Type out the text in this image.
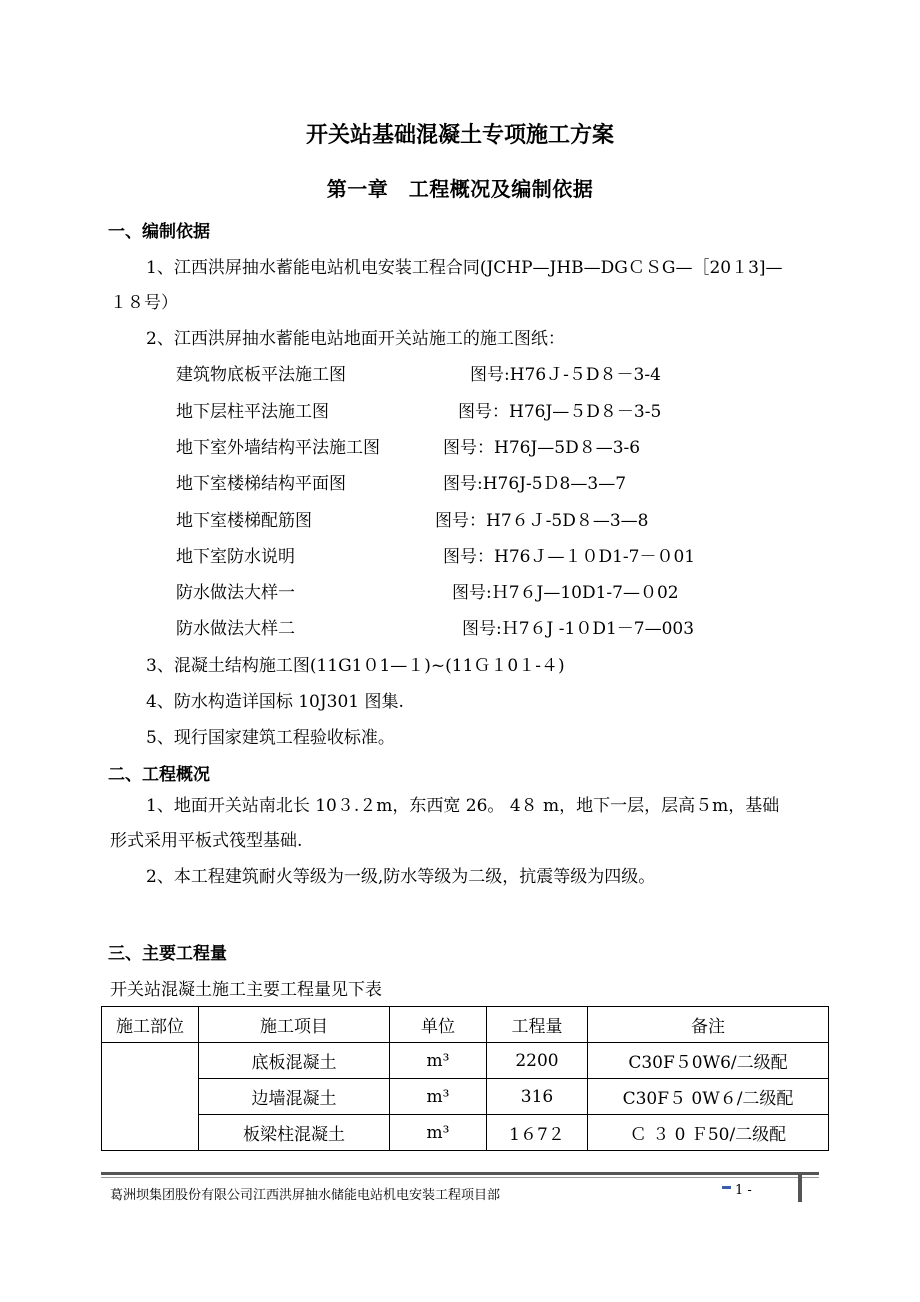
开关站基础混凝土专项施工方案
第一章　工程概况及编制依据
一、编制依据
1、江西洪屏抽水蓄能电站机电安装工程合同(JCHP—JHB—DGＣＳG—［20１3]—
１８号）
2、江西洪屏抽水蓄能电站地面开关站施工的施工图纸：
建筑物底板平法施工图	图号:H76Ｊ-５D８－3-4
地下层柱平法施工图	图号：H76J—５D８－3-5
地下室外墙结构平法施工图	图号：H76J—5D８—3-6
地下室楼梯结构平面图	图号:H76J-5Ｄ8—3—7
地下室楼梯配筋图	图号：H7６Ｊ-5D８—3—8
地下室防水说明	图号：H76Ｊ—１０D1-7－０01
防水做法大样一	图号:Ｈ7６J—10D1-7—０02
防水做法大样二	图号:Ｈ7６J -1０D1－7—003
3、混凝土结构施工图(11G1０1—１)~(11Ｇ１0１-４)
4、防水构造详国标 10J301 图集.
5、现行国家建筑工程验收标准。
二、工程概况
1、地面开关站南北长 10３.２m，东西宽 26。 4８ m，地下一层，层高５m，基础
形式采用平板式筏型基础.
2、本工程建筑耐火等级为一级,防水等级为二级，抗震等级为四级。
三、主要工程量
开关站混凝土施工主要工程量见下表
施工部位	施工项目	单位	工程量	备注
	底板混凝土	m³	2200	C30F５0W6/二级配
	边墙混凝土	m³	316	C30F５ 0W６/二级配
	板梁柱混凝土	m³	1６7２	Ｃ ３ 0 Ｆ50/二级配
葛洲坝集团股份有限公司江西洪屏抽水储能电站机电安装工程项目部	1 -
